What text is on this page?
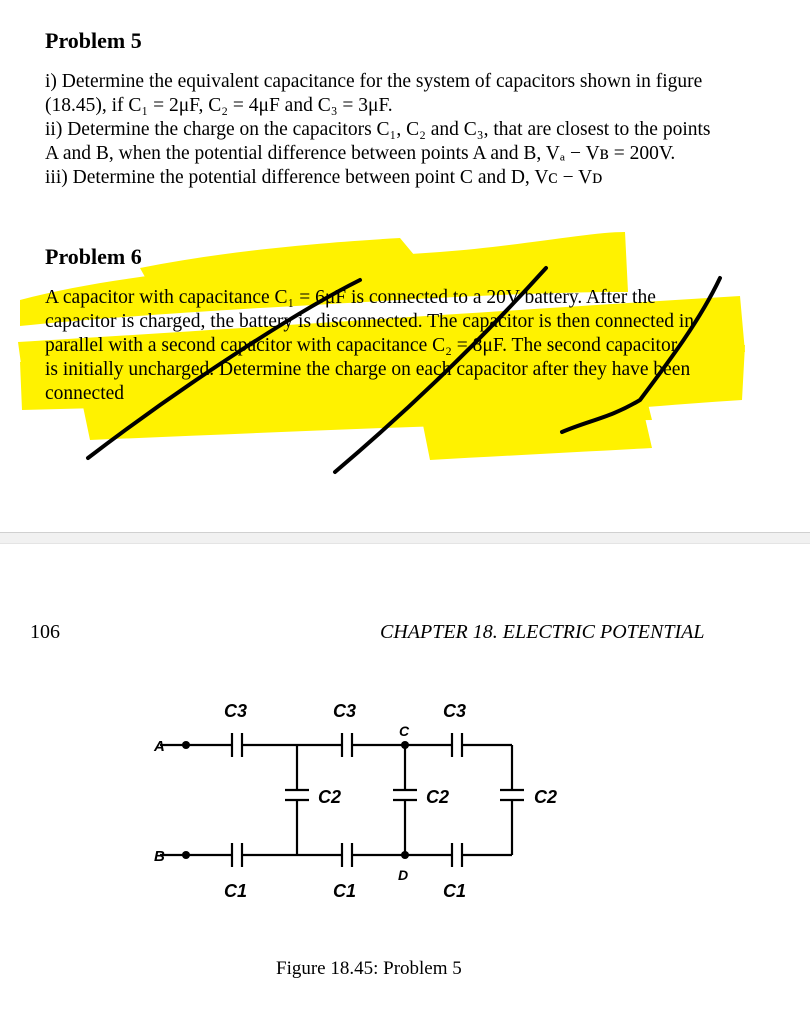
Problem 5
i) Determine the equivalent capacitance for the system of capacitors shown in figure
(18.45), if C₁ = 2μF, C₂ = 4μF and C₃ = 3μF.
ii) Determine the charge on the capacitors C₁, C₂ and C₃, that are closest to the points
A and B, when the potential difference between points A and B, Vₐ − Vʙ = 200V.
iii) Determine the potential difference between point C and D, Vᴄ − Vᴅ
Problem 6
A capacitor with capacitance C₁ = 6μF is connected to a 20V battery. After the
capacitor is charged, the battery is disconnected. The capacitor is then connected in
parallel with a second capacitor with capacitance C₂ = 8μF. The second capacitor
is initially uncharged. Determine the charge on each capacitor after they have been
connected
106	CHAPTER 18. ELECTRIC POTENTIAL
A
B
C
D
C3	C3	C3
C2	C2	C2
C1	C1	C1
Figure 18.45: Problem 5
